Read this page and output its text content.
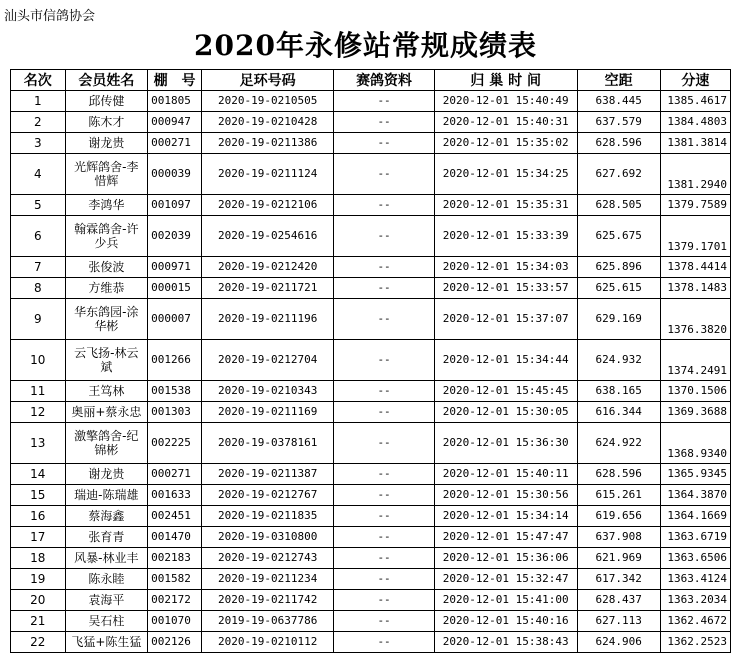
汕头市信鸽协会
2020年永修站常规成绩表
名次	会员姓名	棚　号	足环号码	赛鸽资料	归 巢 时 间	空距	分速
1	邱传健	001805	2020-19-0210505	--	2020-12-01 15:40:49	638.445	1385.4617
2	陈木才	000947	2020-19-0210428	--	2020-12-01 15:40:31	637.579	1384.4803
3	谢龙贵	000271	2020-19-0211386	--	2020-12-01 15:35:02	628.596	1381.3814
4	光辉鸽舍-李惜辉	000039	2020-19-0211124	--	2020-12-01 15:34:25	627.692	1381.2940
5	李鸿华	001097	2020-19-0212106	--	2020-12-01 15:35:31	628.505	1379.7589
6	翰霖鸽舍-许少兵	002039	2020-19-0254616	--	2020-12-01 15:33:39	625.675	1379.1701
7	张俊波	000971	2020-19-0212420	--	2020-12-01 15:34:03	625.896	1378.4414
8	方维恭	000015	2020-19-0211721	--	2020-12-01 15:33:57	625.615	1378.1483
9	华东鸽园-涂华彬	000007	2020-19-0211196	--	2020-12-01 15:37:07	629.169	1376.3820
10	云飞扬-林云斌	001266	2020-19-0212704	--	2020-12-01 15:34:44	624.932	1374.2491
11	王笃林	001538	2020-19-0210343	--	2020-12-01 15:45:45	638.165	1370.1506
12	奥丽+蔡永忠	001303	2020-19-0211169	--	2020-12-01 15:30:05	616.344	1369.3688
13	激擎鸽舍-纪锦彬	002225	2020-19-0378161	--	2020-12-01 15:36:30	624.922	1368.9340
14	谢龙贵	000271	2020-19-0211387	--	2020-12-01 15:40:11	628.596	1365.9345
15	瑞迪-陈瑞雄	001633	2020-19-0212767	--	2020-12-01 15:30:56	615.261	1364.3870
16	蔡海鑫	002451	2020-19-0211835	--	2020-12-01 15:34:14	619.656	1364.1669
17	张育青	001470	2020-19-0310800	--	2020-12-01 15:47:47	637.908	1363.6719
18	风暴-林业丰	002183	2020-19-0212743	--	2020-12-01 15:36:06	621.969	1363.6506
19	陈永睦	001582	2020-19-0211234	--	2020-12-01 15:32:47	617.342	1363.4124
20	袁海平	002172	2020-19-0211742	--	2020-12-01 15:41:00	628.437	1363.2034
21	吴石柱	001070	2019-19-0637786	--	2020-12-01 15:40:16	627.113	1362.4672
22	飞猛+陈生猛	002126	2020-19-0210112	--	2020-12-01 15:38:43	624.906	1362.2523
